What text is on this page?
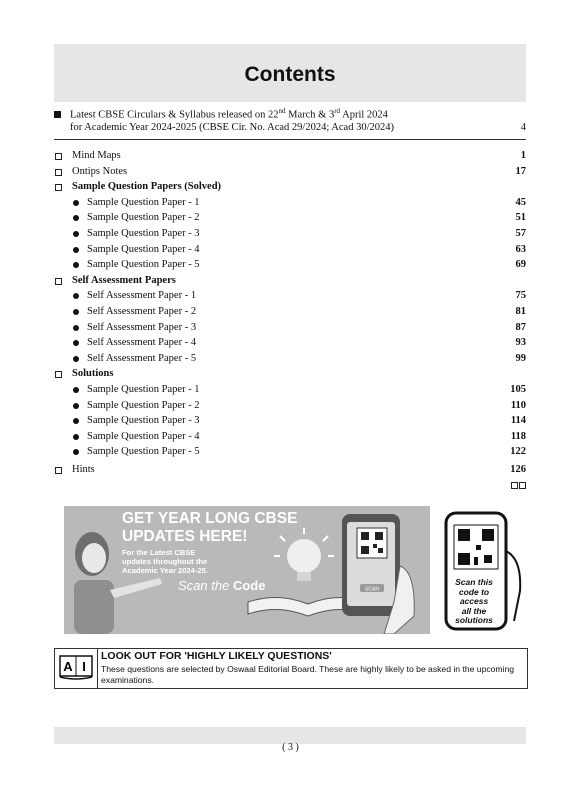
Contents
Latest CBSE Circulars & Syllabus released on 22nd March & 3rd April 2024
for Academic Year 2024-2025 (CBSE Cir. No. Acad 29/2024; Acad 30/2024)	4
Mind Maps	1
Ontips Notes	17
Sample Question Papers (Solved)
Sample Question Paper - 1	45
Sample Question Paper - 2	51
Sample Question Paper - 3	57
Sample Question Paper - 4	63
Sample Question Paper - 5	69
Self Assessment Papers
Self Assessment Paper - 1	75
Self Assessment Paper - 2	81
Self Assessment Paper - 3	87
Self Assessment Paper - 4	93
Self Assessment Paper - 5	99
Solutions
Sample Question Paper - 1	105
Sample Question Paper - 2	110
Sample Question Paper - 3	114
Sample Question Paper - 4	118
Sample Question Paper - 5	122
Hints	126
SCAN
GET YEAR LONG CBSE
UPDATES HERE!
For the Latest CBSE updates throughout the Academic Year 2024-25.
Scan the Code	Scan this
code to
access
all the
solutions
A I
LOOK OUT FOR 'HIGHLY LIKELY QUESTIONS'
These questions are selected by Oswaal Editorial Board. These are highly likely to be asked in the upcoming examinations.
( 3 )
